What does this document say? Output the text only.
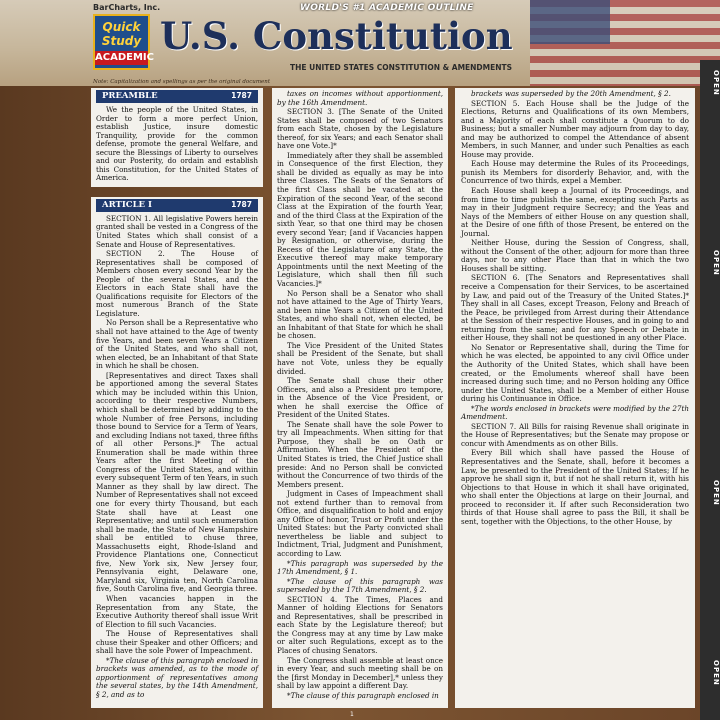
BarCharts, Inc.
Quick
Study
ACADEMIC
WORLD'S #1 ACADEMIC OUTLINE
U.S. Constitution
THE UNITED STATES CONSTITUTION & AMENDMENTS
Note: Capitalization and spellings as per the original document	OPEN
OPEN
OPEN
OPEN
PREAMBLE	1787

We the people of the United States, in Order to form a more perfect Union, establish Justice, insure domestic Tranquility, provide for the common defense, promote the general Welfare, and secure the Blessings of Liberty to ourselves and our Posterity, do ordain and establish this Constitution, for the United States of America.

ARTICLE I	1787

SECTION 1. All legislative Powers herein granted shall be vested in a Congress of the United States which shall consist of a Senate and House of Representatives.

SECTION 2. The House of Representatives shall be composed of Members chosen every second Year by the People of the several States, and the Electors in each State shall have the Qualifications requisite for Electors of the most numerous Branch of the State Legislature.

No Person shall be a Representative who shall not have attained to the Age of twenty five Years, and been seven Years a Citizen of the United States, and who shall not, when elected, be an Inhabitant of that State in which he shall be chosen.

[Representatives and direct Taxes shall be apportioned among the several States which may be included within this Union, according to their respective Numbers, which shall be determined by adding to the whole Number of free Persons, including those bound to Service for a Term of Years, and excluding Indians not taxed, three fifths of all other Persons.]* The actual Enumeration shall be made within three Years after the first Meeting of the Congress of the United States, and within every subsequent Term of ten Years, in such Manner as they shall by law direct. The Number of Representatives shall not exceed one for every thirty Thousand, but each State shall have at Least one Representative; and until such enumeration shall be made, the State of New Hampshire shall be entitled to chuse three, Massachusetts eight, Rhode-Island and Providence Plantations one, Connecticut five, New York six, New Jersey four, Pennsylvania eight, Delaware one, Maryland six, Virginia ten, North Carolina five, South Carolina five, and Georgia three.

When vacancies happen in the Representation from any State, the Executive Authority thereof shall issue Writ of Election to fill such Vacancies.

The House of Representatives shall chuse their Speaker and other Officers; and shall have the sole Power of Impeachment.

*The clause of this paragraph enclosed in brackets was amended, as to the mode of apportionment of representatives among the several states, by the 14th Amendment, § 2, and as to

taxes on incomes without apportionment, by the 16th Amendment.

SECTION 3. [The Senate of the United States shall be composed of two Senators from each State, chosen by the Legislature thereof, for six Years; and each Senator shall have one Vote.]*

Immediately after they shall be assembled in Consequence of the first Election, they shall be divided as equally as may be into three Classes. The Seats of the Senators of the first Class shall be vacated at the Expiration of the second Year, of the second Class at the Expiration of the fourth Year, and of the third Class at the Expiration of the sixth Year, so that one third may be chosen every second Year; [and if Vacancies happen by Resignation, or otherwise, during the Recess of the Legislature of any State, the Executive thereof may make temporary Appointments until the next Meeting of the Legislature, which shall then fill such Vacancies.]*

No Person shall be a Senator who shall not have attained to the Age of Thirty Years, and been nine Years a Citizen of the United States, and who shall not, when elected, be an Inhabitant of that State for which he shall be chosen.

The Vice President of the United States shall be President of the Senate, but shall have not Vote, unless they be equally divided.

The Senate shall chuse their other Officers, and also a President pro tempore, in the Absence of the Vice President, or when he shall exercise the Office of President of the United States.

The Senate shall have the sole Power to try all Impeachments. When sitting for that Purpose, they shall be on Oath or Affirmation. When the President of the United States is tried, the Chief Justice shall preside: And no Person shall be convicted without the Concurrence of two thirds of the Members present.

Judgment in Cases of Impeachment shall not extend further than to removal from Office, and disqualification to hold and enjoy any Office of honor, Trust or Profit under the United States: but the Party convicted shall nevertheless be liable and subject to Indictment, Trial, Judgment and Punishment, according to Law.

*This paragraph was superseded by the 17th Amendment, § 1.

*The clause of this paragraph was superseded by the 17th Amendment, § 2.

SECTION 4. The Times, Places and Manner of holding Elections for Senators and Representatives, shall be prescribed in each State by the Legislature thereof; but the Congress may at any time by Law make or alter such Regulations, except as to the Places of chusing Senators.

The Congress shall assemble at least once in every Year, and such meeting shall be on the [first Monday in December],* unless they shall by law appoint a different Day.

*The clause of this paragraph enclosed in

brackets was superseded by the 20th Amendment, § 2.

SECTION 5. Each House shall be the Judge of the Elections, Returns and Qualifications of its own Members, and a Majority of each shall constitute a Quorum to do Business; but a smaller Number may adjourn from day to day, and may be authorized to compel the Attendance of absent Members, in such Manner, and under such Penalties as each House may provide.

Each House may determine the Rules of its Proceedings, punish its Members for disorderly Behavior, and, with the Concurrence of two thirds, expel a Member.

Each House shall keep a Journal of its Proceedings, and from time to time publish the same, excepting such Parts as may in their Judgment require Secrecy; and the Yeas and Nays of the Members of either House on any question shall, at the Desire of one fifth of those Present, be entered on the Journal.

Neither House, during the Session of Congress, shall, without the Consent of the other, adjourn for more than three days, nor to any other Place than that in which the two Houses shall be sitting.

SECTION 6. [The Senators and Representatives shall receive a Compensation for their Services, to be ascertained by Law, and paid out of the Treasury of the United States.]* They shall in all Cases, except Treason, Felony and Breach of the Peace, be privileged from Arrest during their Attendance at the Session of their respective Houses, and in going to and returning from the same; and for any Speech or Debate in either House, they shall not be questioned in any other Place.

No Senator or Representative shall, during the Time for which he was elected, be appointed to any civil Office under the Authority of the United States, which shall have been created, or the Emoluments whereof shall have been increased during such time; and no Person holding any Office under the United States, shall be a Member of either House during his Continuance in Office.

*The words enclosed in brackets were modified by the 27th Amendment.

SECTION 7. All Bills for raising Revenue shall originate in the House of Representatives; but the Senate may propose or concur with Amendments as on other Bills.

Every Bill which shall have passed the House of Representatives and the Senate, shall, before it becomes a Law, be presented to the President of the United States; If he approve he shall sign it, but if not he shall return it, with his Objections to that House in which it shall have originated, who shall enter the Objections at large on their Journal, and proceed to reconsider it. If after such Reconsideration two thirds of that House shall agree to pass the Bill, it shall be sent, together with the Objections, to the other House, by

1
